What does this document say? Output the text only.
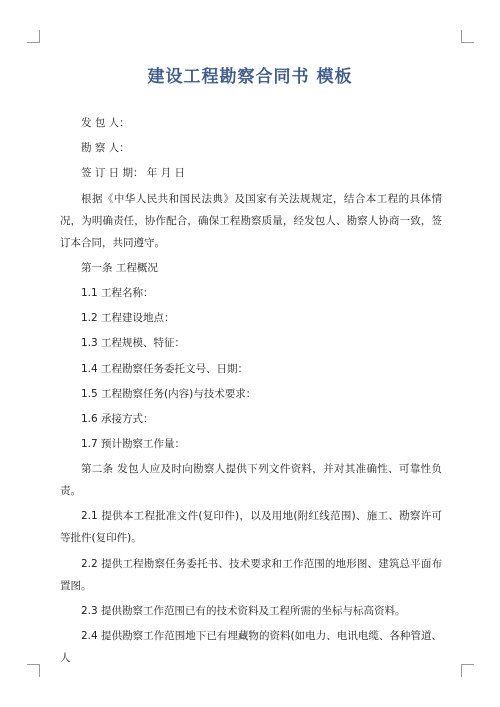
建设工程勘察合同书 模板

发 包 人：

勘 察 人：

签 订 日 期： 年 月 日

根据《中华人民共和国民法典》及国家有关法规规定，结合本工程的具体情况，为明确责任，协作配合，确保工程勘察质量，经发包人、勘察人协商一致，签订本合同，共同遵守。

第一条 工程概况

1.1 工程名称：

1.2 工程建设地点：

1.3 工程规模、特征：

1.4 工程勘察任务委托文号、日期：

1.5 工程勘察任务(内容)与技术要求：

1.6 承接方式：

1.7 预计勘察工作量：

第二条 发包人应及时向勘察人提供下列文件资料，并对其准确性、可靠性负责。

2.1 提供本工程批准文件(复印件)，以及用地(附红线范围)、施工、勘察许可等批件(复印件)。

2.2 提供工程勘察任务委托书、技术要求和工作范围的地形图、建筑总平面布置图。

2.3 提供勘察工作范围已有的技术资料及工程所需的坐标与标高资料。

2.4 提供勘察工作范围地下已有埋藏物的资料(如电力、电讯电缆、各种管道、人
